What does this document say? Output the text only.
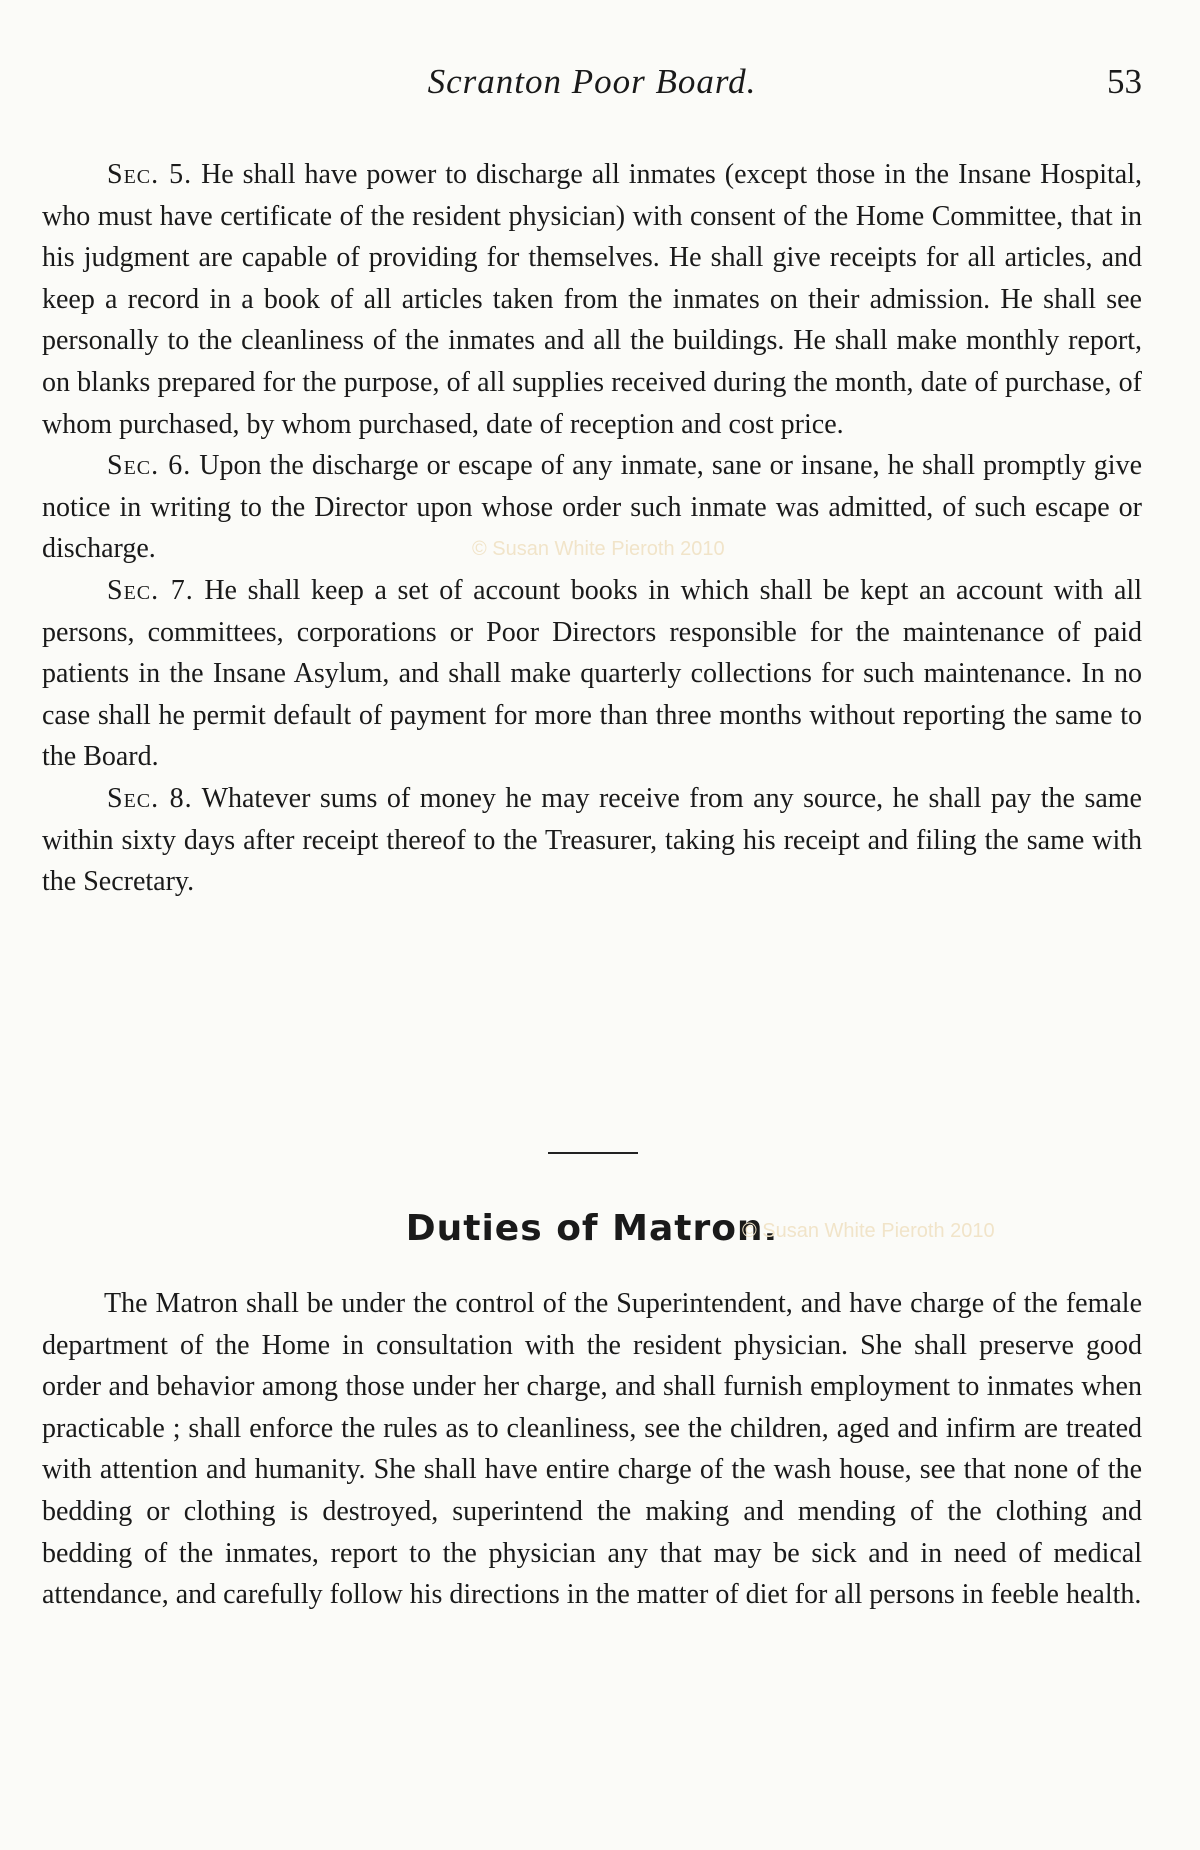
Scranton Poor Board.	53

Sec. 5. He shall have power to discharge all inmates (except those in the Insane Hospital, who must have certificate of the resident physician) with consent of the Home Committee, that in his judgment are capable of providing for themselves. He shall give receipts for all articles, and keep a record in a book of all articles taken from the inmates on their admission. He shall see personally to the cleanliness of the inmates and all the buildings. He shall make monthly report, on blanks prepared for the purpose, of all supplies received during the month, date of purchase, of whom purchased, by whom purchased, date of reception and cost price.

Sec. 6. Upon the discharge or escape of any inmate, sane or insane, he shall promptly give notice in writing to the Director upon whose order such inmate was admitted, of such escape or discharge.

Sec. 7. He shall keep a set of account books in which shall be kept an account with all persons, committees, corporations or Poor Directors responsible for the maintenance of paid patients in the Insane Asylum, and shall make quarterly collections for such maintenance. In no case shall he permit default of payment for more than three months without reporting the same to the Board.

Sec. 8. Whatever sums of money he may receive from any source, he shall pay the same within sixty days after receipt thereof to the Treasurer, taking his receipt and filing the same with the Secretary.

Duties of Matron.

The Matron shall be under the control of the Superintendent, and have charge of the female department of the Home in consultation with the resident physician. She shall preserve good order and behavior among those under her charge, and shall furnish employment to inmates when practicable ; shall enforce the rules as to cleanliness, see the children, aged and infirm are treated with attention and humanity. She shall have entire charge of the wash house, see that none of the bedding or clothing is destroyed, superintend the making and mending of the clothing and bedding of the inmates, report to the physician any that may be sick and in need of medical attendance, and carefully follow his directions in the matter of diet for all persons in feeble health.

© Susan White Pieroth 2010
© Susan White Pieroth 2010
